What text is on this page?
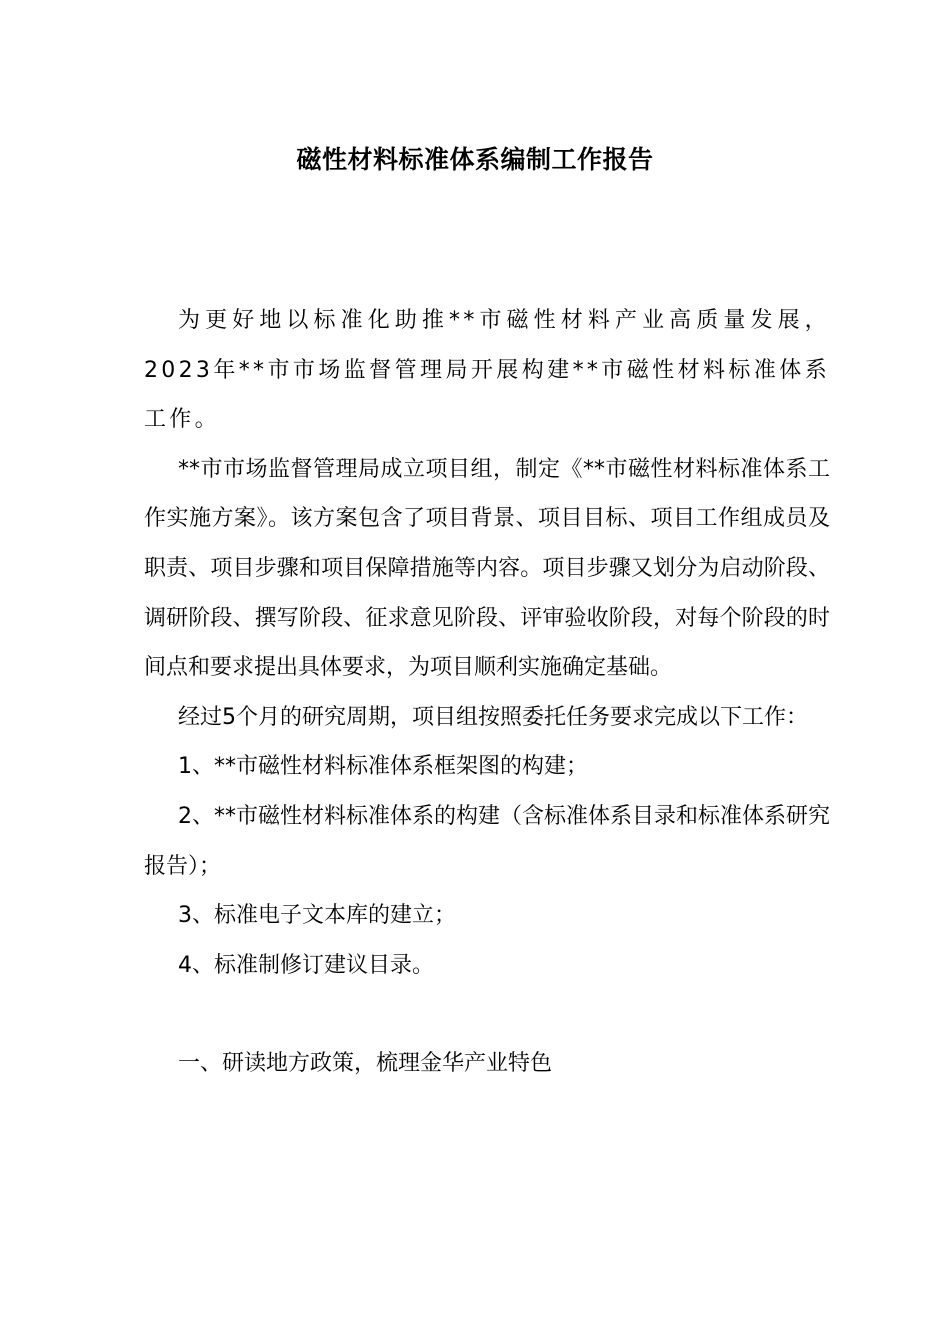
磁性材料标准体系编制工作报告

为更好地以标准化助推**市磁性材料产业高质量发展，2023年**市市场监督管理局开展构建**市磁性材料标准体系工作。

**市市场监督管理局成立项目组，制定《**市磁性材料标准体系工作实施方案》。该方案包含了项目背景、项目目标、项目工作组成员及职责、项目步骤和项目保障措施等内容。项目步骤又划分为启动阶段、调研阶段、撰写阶段、征求意见阶段、评审验收阶段，对每个阶段的时间点和要求提出具体要求，为项目顺利实施确定基础。

经过5个月的研究周期，项目组按照委托任务要求完成以下工作：

1、**市磁性材料标准体系框架图的构建；

2、**市磁性材料标准体系的构建（含标准体系目录和标准体系研究报告）；

3、标准电子文本库的建立；

4、标准制修订建议目录。

一、研读地方政策，梳理金华产业特色
